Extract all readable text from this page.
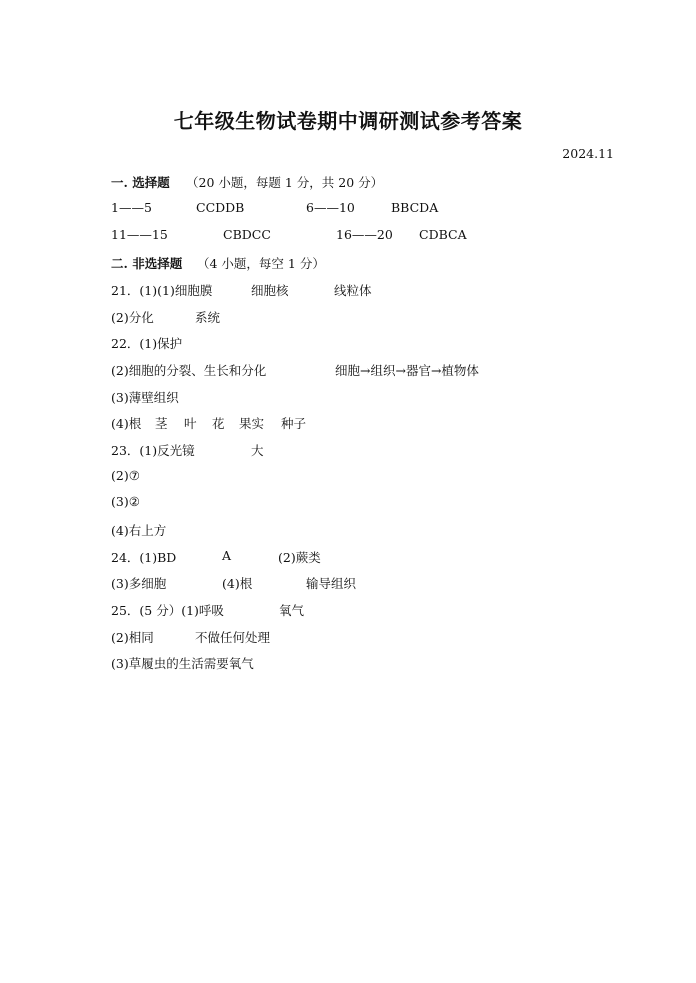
七年级生物试卷期中调研测试参考答案
2024.11
一. 选择题 （20 小题，每题 1 分，共 20 分）
1——5	CCDDB	6——10	BBCDA
11——15	CBDCC	16——20 CDBCA
二. 非选择题 （4 小题，每空 1 分）
21．(1)(1)细胞膜	细胞核	线粒体
(2)分化	系统
22．(1)保护
(2)细胞的分裂、生长和分化	细胞→组织→器官→植物体
(3)薄壁组织
(4)根 茎 叶 花 果实 种子
23．(1)反光镜	大
(2)⑦
(3)②
(4)右上方
24．(1)BD	A	(2)蕨类
(3)多细胞	(4)根	输导组织
25．(5 分）(1)呼吸	氧气
(2)相同	不做任何处理
(3)草履虫的生活需要氧气
